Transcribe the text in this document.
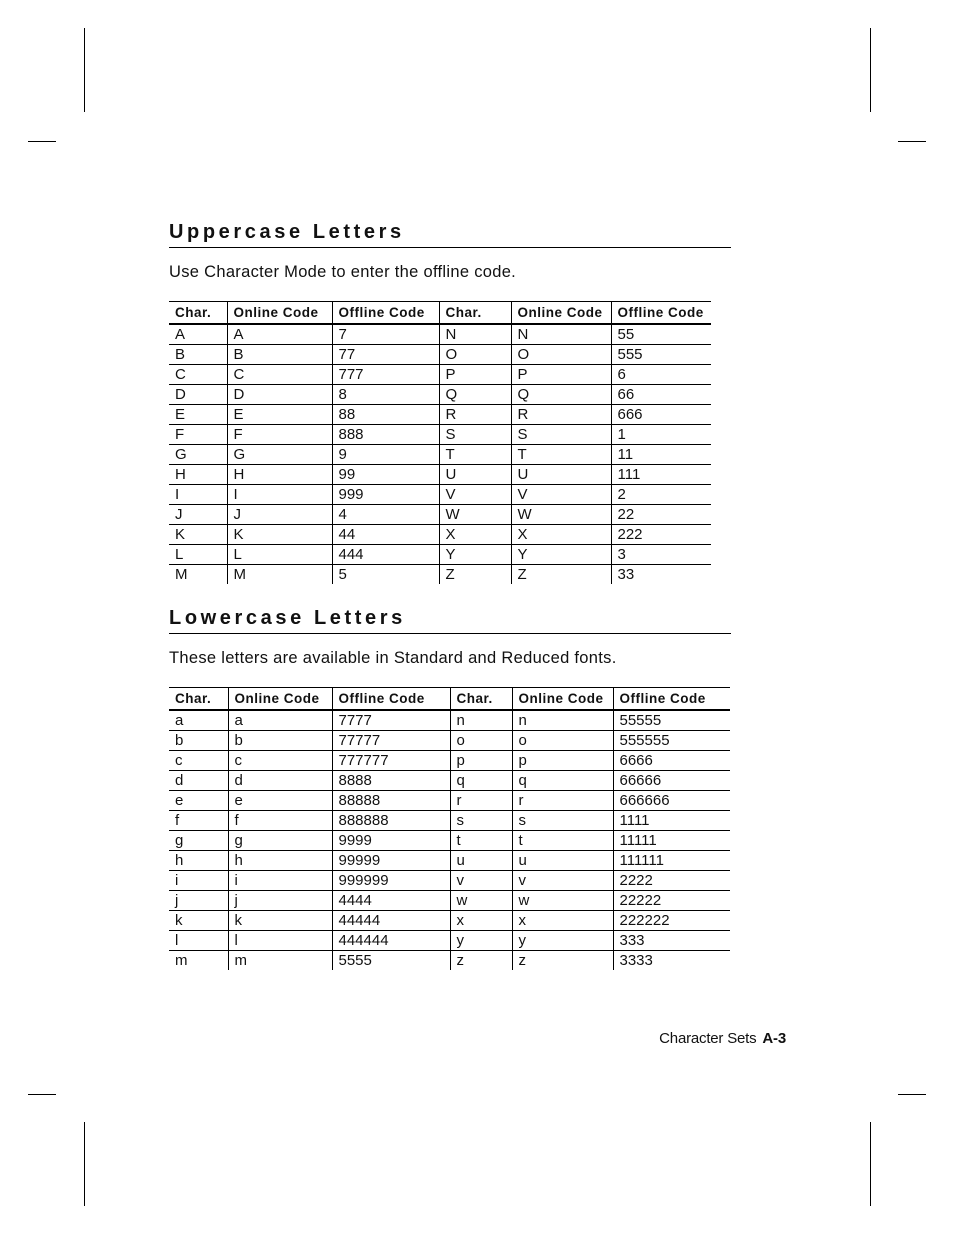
Uppercase Letters

Use Character Mode to enter the offline code.

Char.	Online Code	Offline Code	Char.	Online Code	Offline Code
A	A	7	N	N	55
B	B	77	O	O	555
C	C	777	P	P	6
D	D	8	Q	Q	66
E	E	88	R	R	666
F	F	888	S	S	1
G	G	9	T	T	11
H	H	99	U	U	111
I	I	999	V	V	2
J	J	4	W	W	22
K	K	44	X	X	222
L	L	444	Y	Y	3
M	M	5	Z	Z	33
Lowercase Letters

These letters are available in Standard and Reduced fonts.

Char.	Online Code	Offline Code	Char.	Online Code	Offline Code
a	a	7777	n	n	55555
b	b	77777	o	o	555555
c	c	777777	p	p	6666
d	d	8888	q	q	66666
e	e	88888	r	r	666666
f	f	888888	s	s	1111
g	g	9999	t	t	11111
h	h	99999	u	u	111111
i	i	999999	v	v	2222
j	j	4444	w	w	22222
k	k	44444	x	x	222222
l	l	444444	y	y	333
m	m	5555	z	z	3333
Character Sets A-3
